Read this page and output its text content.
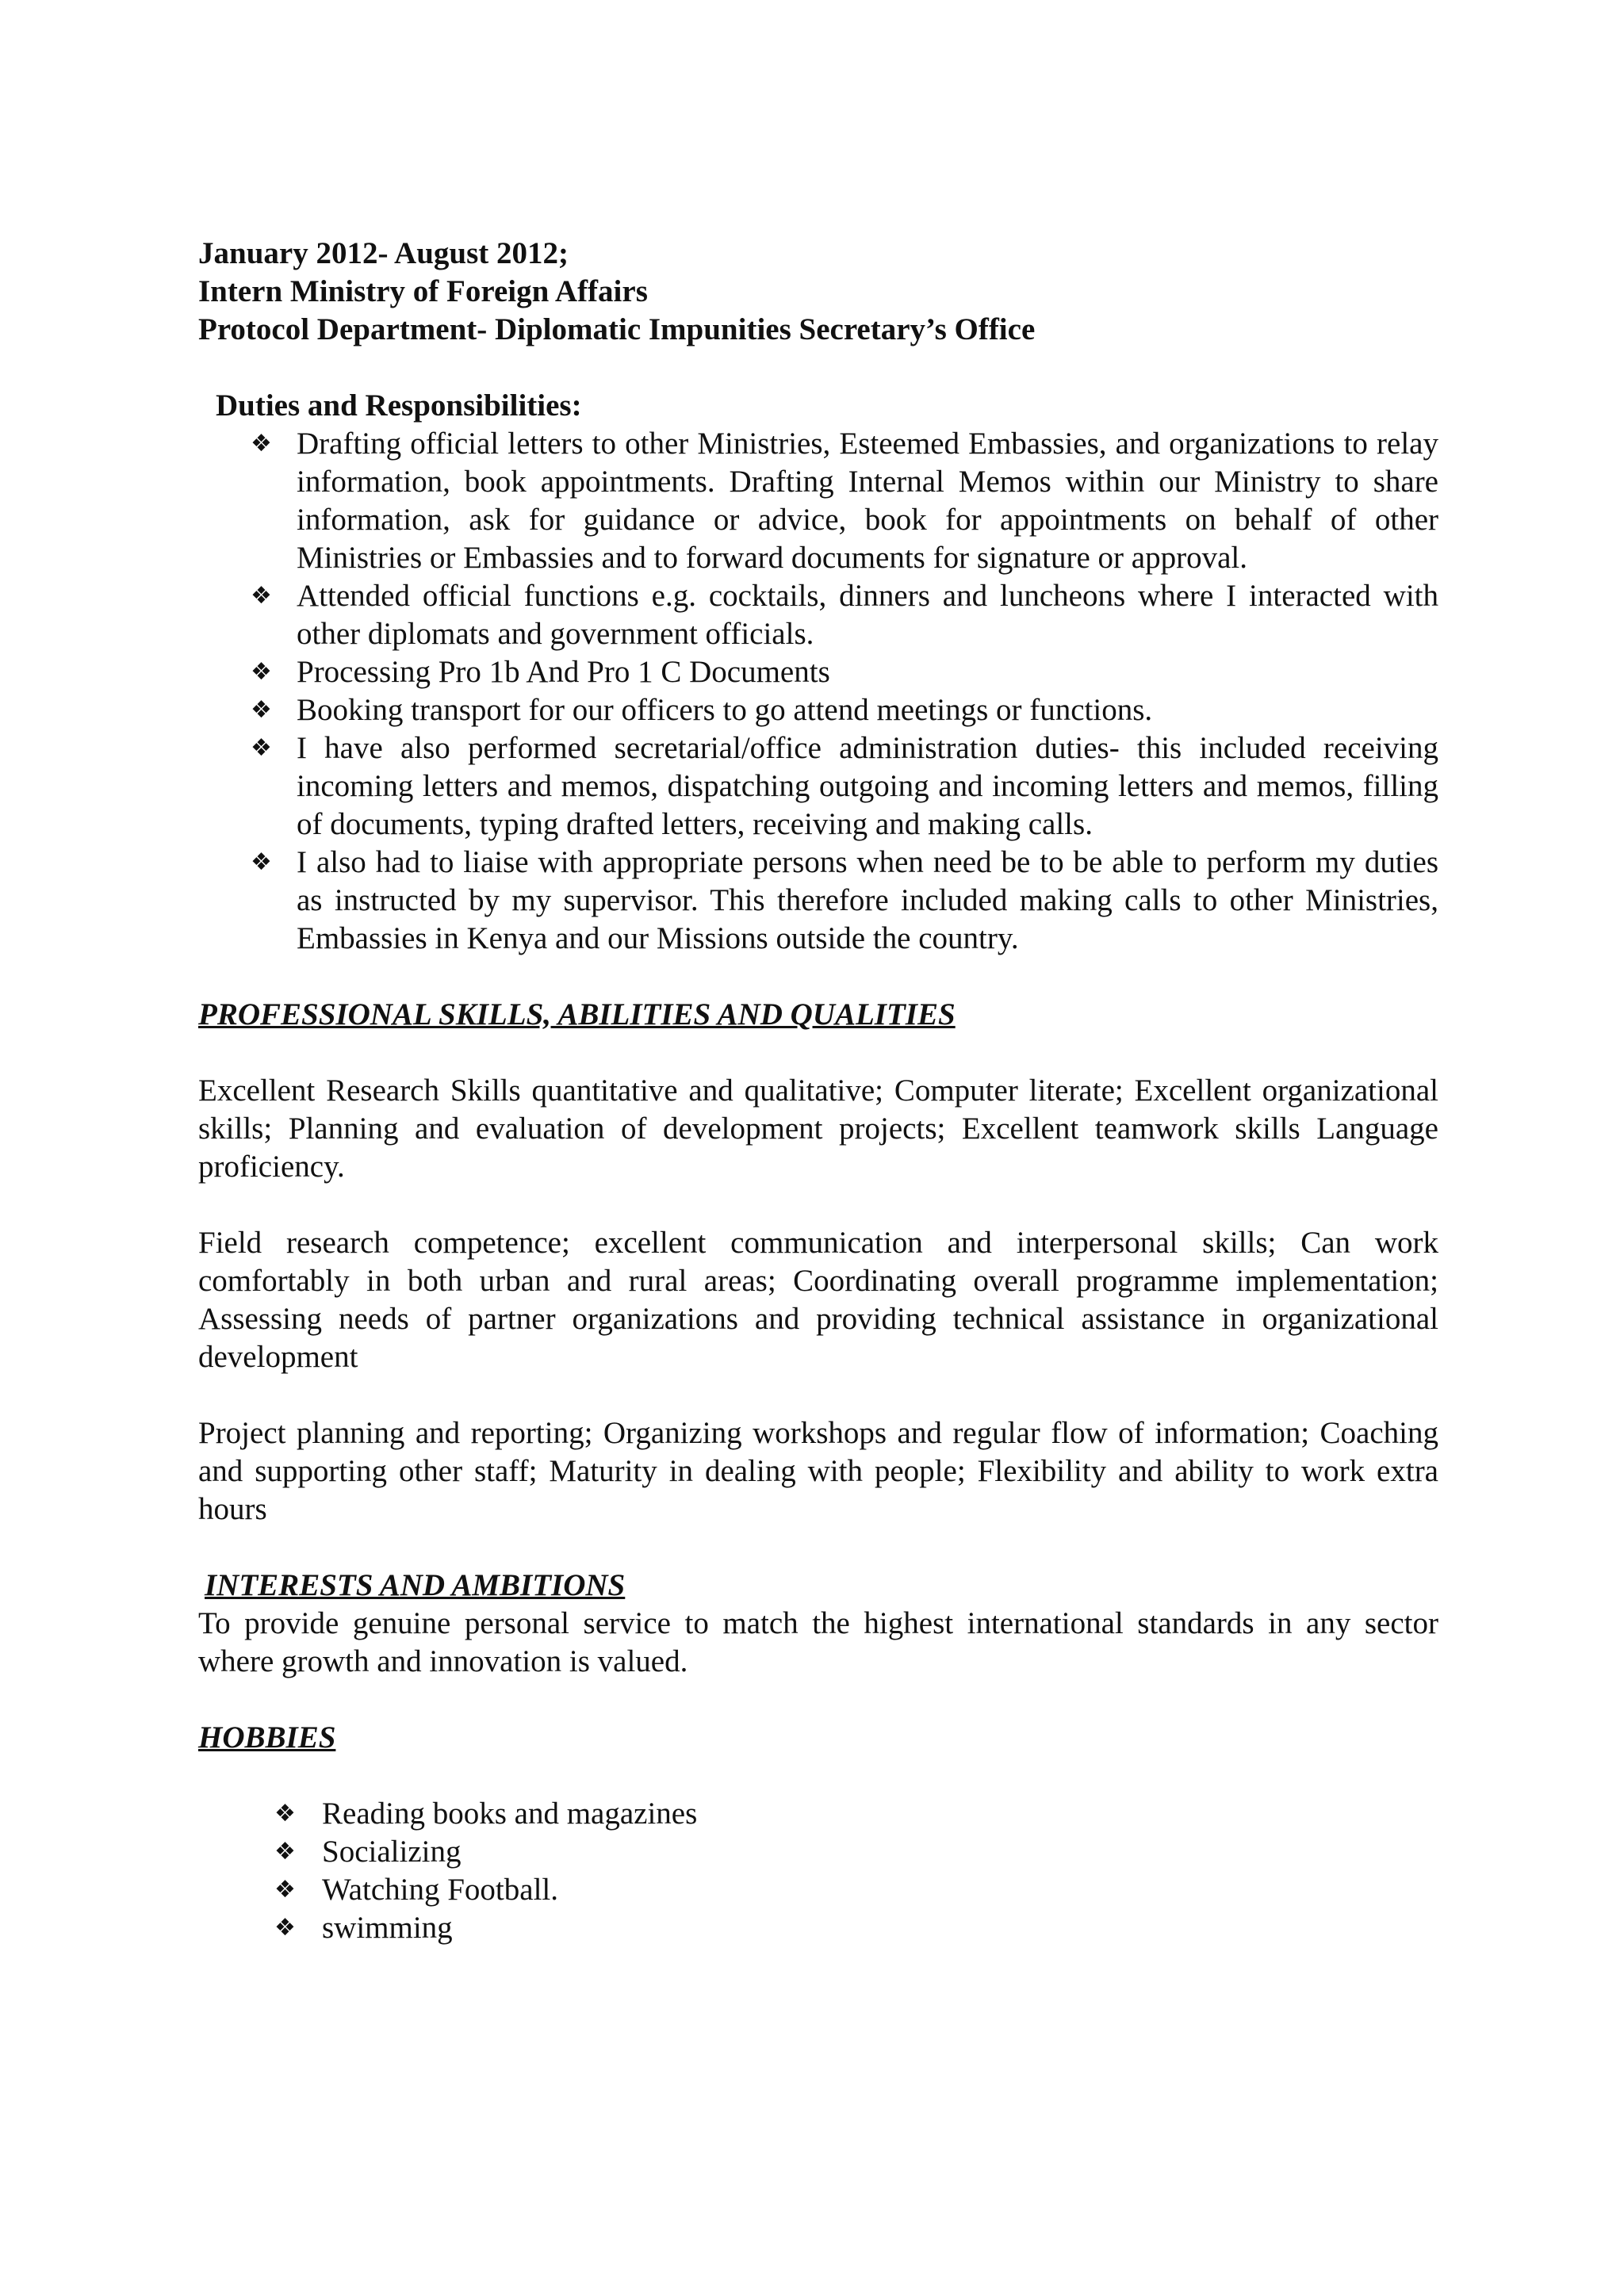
January 2012- August 2012;
Intern Ministry of Foreign Affairs
Protocol Department- Diplomatic Impunities Secretary’s Office
Duties and Responsibilities:
❖ Drafting official letters to other Ministries, Esteemed Embassies, and organizations to relay information, book appointments. Drafting Internal Memos within our Ministry to share information, ask for guidance or advice, book for appointments on behalf of other Ministries or Embassies and to forward documents for signature or approval.
❖ Attended official functions e.g. cocktails, dinners and luncheons where I interacted with other diplomats and government officials.
❖ Processing Pro 1b And Pro 1 C Documents
❖ Booking transport for our officers to go attend meetings or functions.
❖ I have also performed secretarial/office administration duties- this included receiving incoming letters and memos, dispatching outgoing and incoming letters and memos, filling of documents, typing drafted letters, receiving and making calls.
❖ I also had to liaise with appropriate persons when need be to be able to perform my duties as instructed by my supervisor. This therefore included making calls to other Ministries, Embassies in Kenya and our Missions outside the country.
PROFESSIONAL SKILLS, ABILITIES AND QUALITIES
Excellent Research Skills quantitative and qualitative; Computer literate; Excellent organizational skills; Planning and evaluation of development projects; Excellent teamwork skills Language proficiency.
Field research competence; excellent communication and interpersonal skills; Can work comfortably in both urban and rural areas; Coordinating overall programme implementation; Assessing needs of partner organizations and providing technical assistance in organizational development
Project planning and reporting; Organizing workshops and regular flow of information; Coaching and supporting other staff; Maturity in dealing with people; Flexibility and ability to work extra hours
INTERESTS AND AMBITIONS
To provide genuine personal service to match the highest international standards in any sector where growth and innovation is valued.
HOBBIES
❖ Reading books and magazines
❖ Socializing
❖ Watching Football.
❖ swimming
